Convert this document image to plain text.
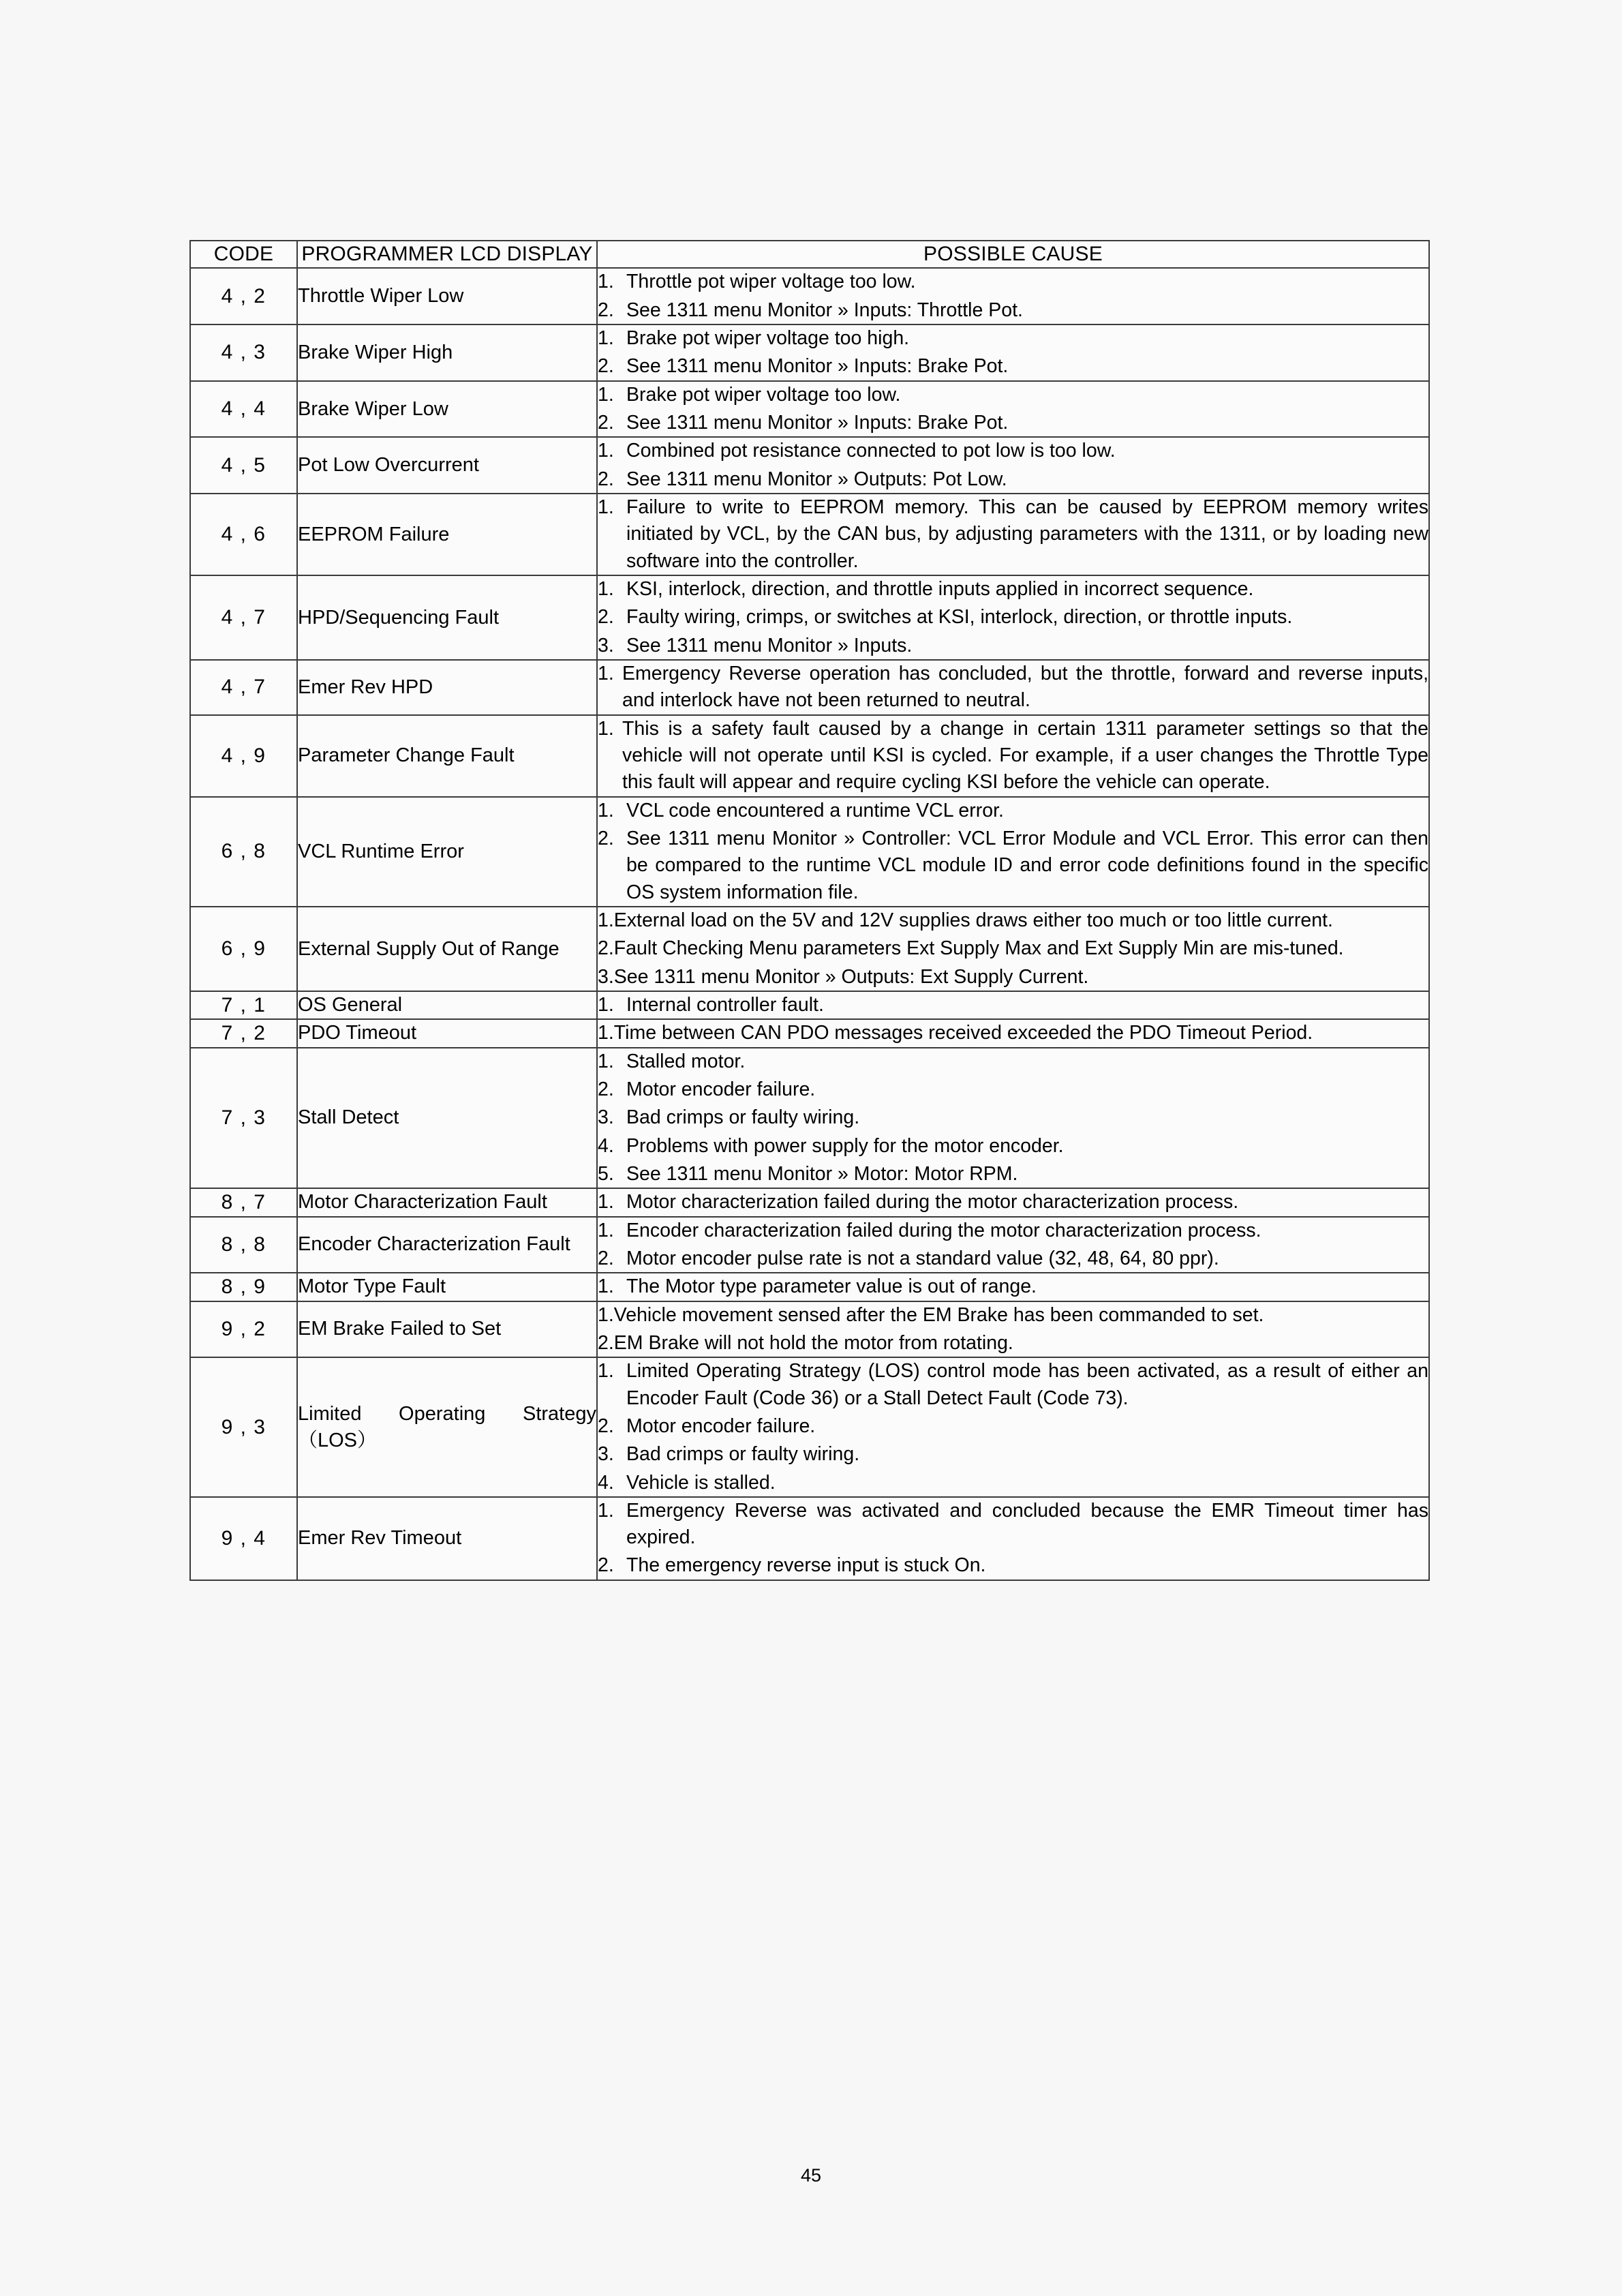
CODE	PROGRAMMER LCD DISPLAY	POSSIBLE CAUSE
4 , 2	Throttle Wiper Low	
1. Throttle pot wiper voltage too low.
2. See 1311 menu Monitor » Inputs: Throttle Pot.

4 , 3	Brake Wiper High	
1. Brake pot wiper voltage too high.
2. See 1311 menu Monitor » Inputs: Brake Pot.

4 , 4	Brake Wiper Low	
1. Brake pot wiper voltage too low.
2. See 1311 menu Monitor » Inputs: Brake Pot.

4 , 5	Pot Low Overcurrent	
1. Combined pot resistance connected to pot low is too low.
2. See 1311 menu Monitor » Outputs: Pot Low.

4 , 6	EEPROM Failure	
1. Failure to write to EEPROM memory. This can be caused by EEPROM memory writes initiated by VCL, by the CAN bus, by adjusting parameters with the 1311, or by loading new software into the controller.

4 , 7	HPD/Sequencing Fault	
1. KSI, interlock, direction, and throttle inputs applied in incorrect sequence.
2. Faulty wiring, crimps, or switches at KSI, interlock, direction, or throttle inputs.
3. See 1311 menu Monitor » Inputs.

4 , 7	Emer Rev HPD	
1. Emergency Reverse operation has concluded, but the throttle, forward and reverse inputs, and interlock have not been returned to neutral.

4 , 9	Parameter Change Fault	
1. This is a safety fault caused by a change in certain 1311 parameter settings so that the vehicle will not operate until KSI is cycled. For example, if a user changes the Throttle Type this fault will appear and require cycling KSI before the vehicle can operate.

6 , 8	VCL Runtime Error	
1. VCL code encountered a runtime VCL error.
2. See 1311 menu Monitor » Controller: VCL Error Module and VCL Error. This error can then be compared to the runtime VCL module ID and error code definitions found in the specific OS system information file.

6 , 9	External Supply Out of Range	
1.External load on the 5V and 12V supplies draws either too much or too little current.
2.Fault Checking Menu parameters Ext Supply Max and Ext Supply Min are mis-tuned.
3.See 1311 menu Monitor » Outputs: Ext Supply Current.

7 , 1	OS General	1. Internal controller fault.

7 , 2	PDO Timeout	1.Time between CAN PDO messages received exceeded the PDO Timeout Period.

7 , 3	Stall Detect	
1. Stalled motor.
2. Motor encoder failure.
3. Bad crimps or faulty wiring.
4. Problems with power supply for the motor encoder.
5. See 1311 menu Monitor » Motor: Motor RPM.

8 , 7	Motor Characterization Fault	1. Motor characterization failed during the motor characterization process.

8 , 8	Encoder Characterization Fault	
1. Encoder characterization failed during the motor characterization process.
2. Motor encoder pulse rate is not a standard value (32, 48, 64, 80 ppr).

8 , 9	Motor Type Fault	1. The Motor type parameter value is out of range.

9 , 2	EM Brake Failed to Set	
1.Vehicle movement sensed after the EM Brake has been commanded to set.
2.EM Brake will not hold the motor from rotating.

9 , 3	Limited Operating Strategy （LOS）	
1. Limited Operating Strategy (LOS) control mode has been activated, as a result of either an Encoder Fault (Code 36) or a Stall Detect Fault (Code 73).
2. Motor encoder failure.
3. Bad crimps or faulty wiring.
4. Vehicle is stalled.

9 , 4	Emer Rev Timeout	
1. Emergency Reverse was activated and concluded because the EMR Timeout timer has expired.
2. The emergency reverse input is stuck On.
45
